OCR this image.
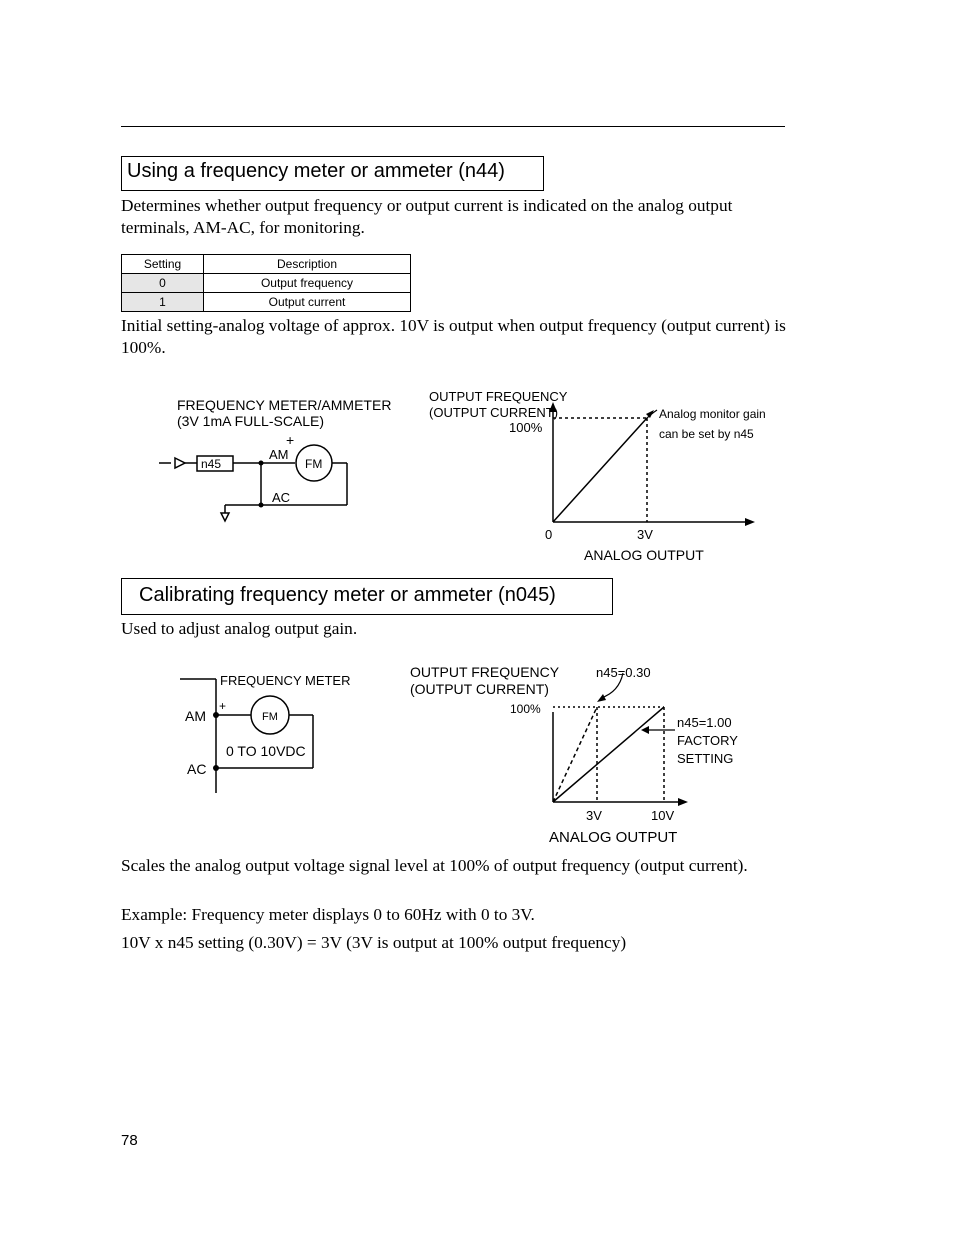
Using a frequency meter or ammeter (n44)
Determines whether output frequency or output current is indicated on the analog output terminals, AM-AC, for monitoring.
Setting	Description
0	Output frequency
1	Output current
Initial setting-analog voltage of approx. 10V is output when output frequency (output current) is 100%.
FREQUENCY METER/AMMETER
(3V 1mA FULL-SCALE)
+
n45
AM
FM
AC
OUTPUT FREQUENCY
(OUTPUT CURRENT)
100%
Analog monitor gain
can be set by n45
0	3V
ANALOG OUTPUT
Calibrating frequency meter or ammeter (n045)
Used to adjust analog output gain.
FREQUENCY METER
AM
AC
+
FM
0 TO 10VDC
OUTPUT FREQUENCY
(OUTPUT CURRENT)
100%
n45=0.30
n45=1.00
FACTORY
SETTING
3V	10V
ANALOG OUTPUT
Scales the analog output voltage signal level at 100% of output frequency (output current).
Example: Frequency meter displays 0 to 60Hz with 0 to 3V.
10V x n45 setting (0.30V) = 3V (3V is output at 100% output frequency)
78
